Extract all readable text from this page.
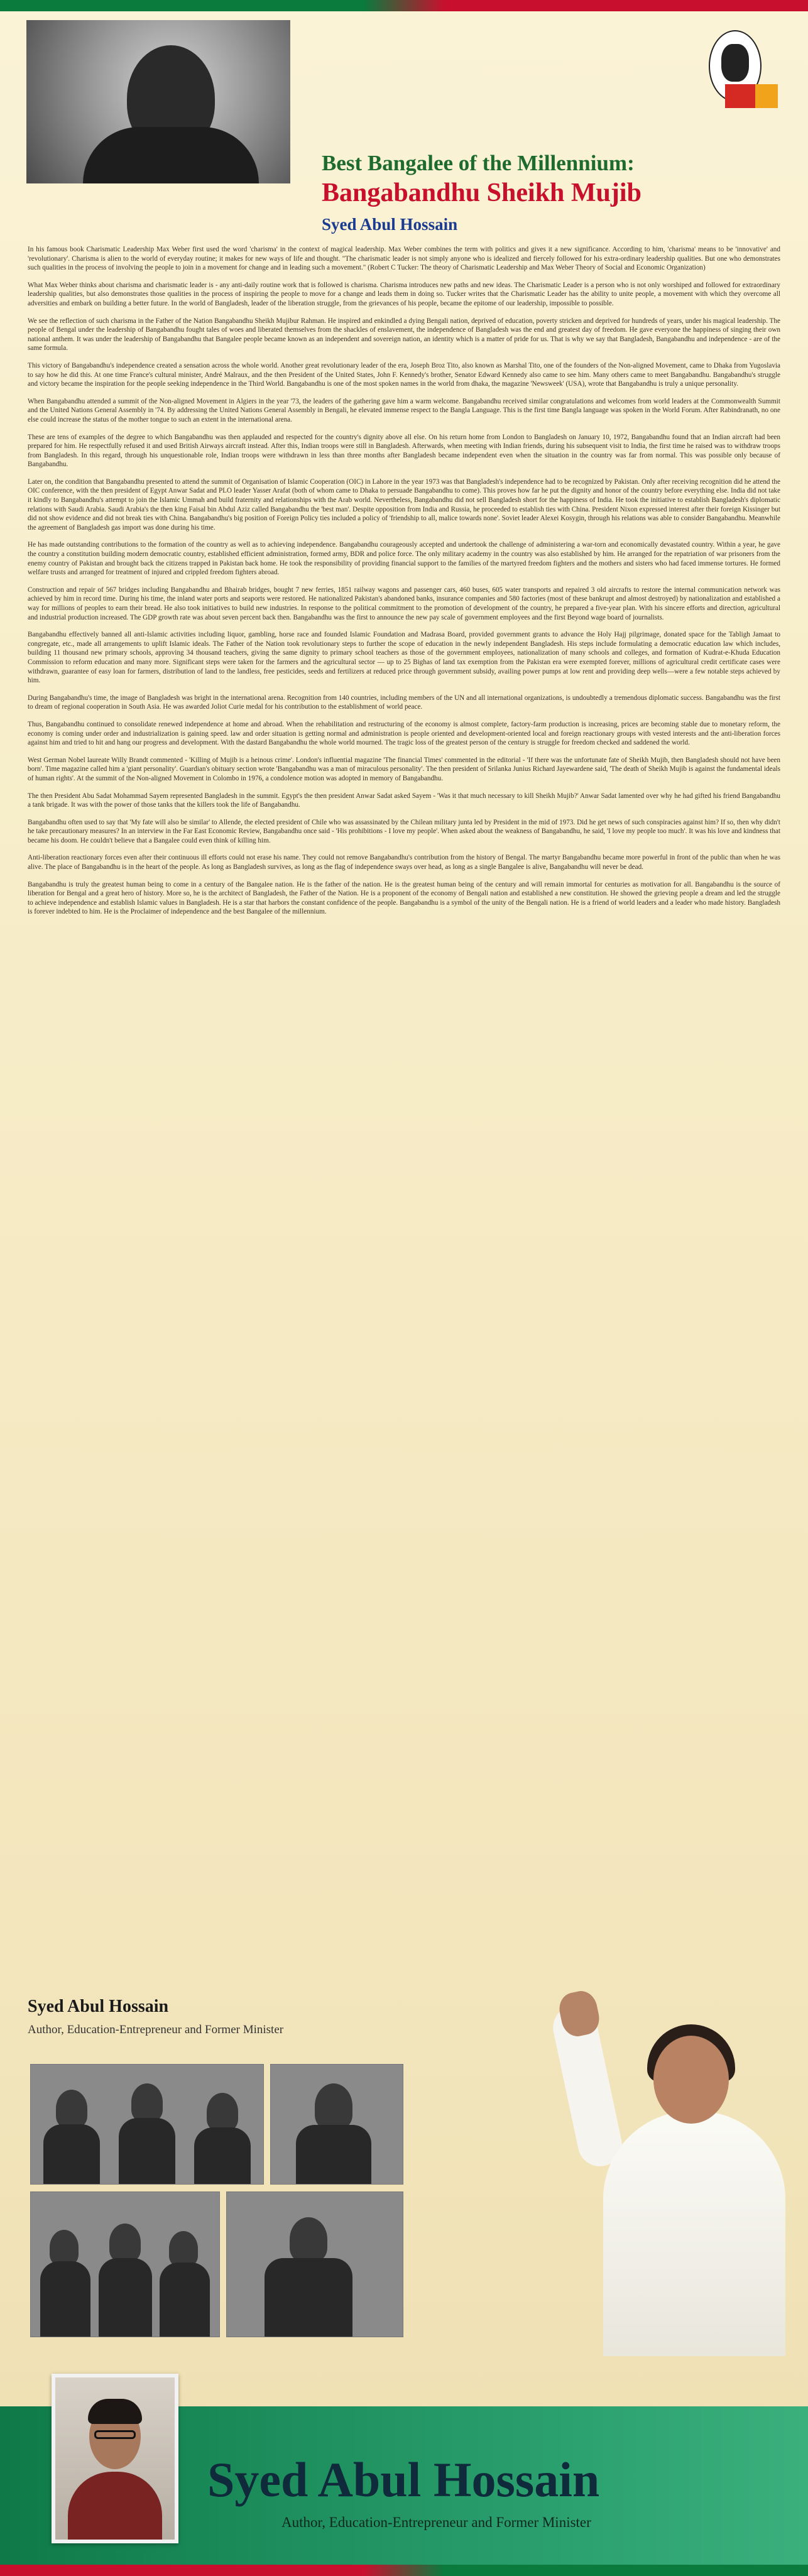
Best Bangalee of the Millennium:
Bangabandhu Sheikh Mujib
Syed Abul Hossain

In his famous book Charismatic Leadership Max Weber first used the word 'charisma' in the context of magical leadership. Max Weber combines the term with politics and gives it a new significance. According to him, 'charisma' means to be 'innovative' and 'revolutionary'. Charisma is alien to the world of everyday routine; it makes for new ways of life and thought. "The charismatic leader is not simply anyone who is idealized and fiercely followed for his extra-ordinary leadership qualities. But one who demonstrates such qualities in the process of involving the people to join in a movement for change and in leading such a movement." (Robert C Tucker: The theory of Charismatic Leadership and Max Weber Theory of Social and Economic Organization)

What Max Weber thinks about charisma and charismatic leader is - any anti-daily routine work that is followed is charisma. Charisma introduces new paths and new ideas. The Charismatic Leader is a person who is not only worshiped and followed for extraordinary leadership qualities, but also demonstrates those qualities in the process of inspiring the people to move for a change and leads them in doing so. Tucker writes that the Charismatic Leader has the ability to unite people, a movement with which they overcome all adversities and embark on building a better future. In the world of Bangladesh, leader of the liberation struggle, from the grievances of his people, became the epitome of our leadership, impossible to possible.

We see the reflection of such charisma in the Father of the Nation Bangabandhu Sheikh Mujibur Rahman. He inspired and enkindled a dying Bengali nation, deprived of education, poverty stricken and deprived for hundreds of years, under his magical leadership. The people of Bengal under the leadership of Bangabandhu fought tales of woes and liberated themselves from the shackles of enslavement, the independence of Bangladesh was the end and greatest day of freedom. He gave everyone the happiness of singing their own national anthem. It was under the leadership of Bangabandhu that Bangalee people became known as an independent and sovereign nation, an identity which is a matter of pride for us. That is why we say that Bangladesh, Bangabandhu and independence - are of the same formula.

This victory of Bangabandhu's independence created a sensation across the whole world. Another great revolutionary leader of the era, Joseph Broz Tito, also known as Marshal Tito, one of the founders of the Non-aligned Movement, came to Dhaka from Yugoslavia to say how he did this. At one time France's cultural minister, André Malraux, and the then President of the United States, John F. Kennedy's brother, Senator Edward Kennedy also came to see him. Many others came to meet Bangabandhu. Bangabandhu's struggle and victory became the inspiration for the people seeking independence in the Third World. Bangabandhu is one of the most spoken names in the world from dhaka, the magazine 'Newsweek' (USA), wrote that Bangabandhu is truly a unique personality.

When Bangabandhu attended a summit of the Non-aligned Movement in Algiers in the year '73, the leaders of the gathering gave him a warm welcome. Bangabandhu received similar congratulations and welcomes from world leaders at the Commonwealth Summit and the United Nations General Assembly in '74. By addressing the United Nations General Assembly in Bengali, he elevated immense respect to the Bangla Language. This is the first time Bangla language was spoken in the World Forum. After Rabindranath, no one else could increase the status of the mother tongue to such an extent in the international arena.

These are tens of examples of the degree to which Bangabandhu was then applauded and respected for the country's dignity above all else. On his return home from London to Bangladesh on January 10, 1972, Bangabandhu found that an Indian aircraft had been prepared for him. He respectfully refused it and used British Airways aircraft instead. After this, Indian troops were still in Bangladesh. Afterwards, when meeting with Indian friends, during his subsequent visit to India, the first time he raised was to withdraw troops from Bangladesh. In this regard, through his unquestionable role, Indian troops were withdrawn in less than three months after Bangladesh became independent even when the situation in the country was far from normal. This was possible only because of Bangabandhu.

Later on, the condition that Bangabandhu presented to attend the summit of Organisation of Islamic Cooperation (OIC) in Lahore in the year 1973 was that Bangladesh's independence had to be recognized by Pakistan. Only after receiving recognition did he attend the OIC conference, with the then president of Egypt Anwar Sadat and PLO leader Yasser Arafat (both of whom came to Dhaka to persuade Bangabandhu to come). This proves how far he put the dignity and honor of the country before everything else. India did not take it kindly to Bangabandhu's attempt to join the Islamic Ummah and build fraternity and relationships with the Arab world. Nevertheless, Bangabandhu did not sell Bangladesh short for the happiness of India. He took the initiative to establish Bangladesh's diplomatic relations with Saudi Arabia. Saudi Arabia's the then king Faisal bin Abdul Aziz called Bangabandhu the 'best man'. Despite opposition from India and Russia, he proceeded to establish ties with China. President Nixon expressed interest after their foreign Kissinger but did not show evidence and did not break ties with China. Bangabandhu's big position of Foreign Policy ties included a policy of 'friendship to all, malice towards none'. Soviet leader Alexei Kosygin, through his relations was able to consider Bangabandhu. Meanwhile the agreement of Bangladesh gas import was done during his time.

He has made outstanding contributions to the formation of the country as well as to achieving independence. Bangabandhu courageously accepted and undertook the challenge of administering a war-torn and economically devastated country. Within a year, he gave the country a constitution building modern democratic country, established efficient administration, formed army, BDR and police force. The only military academy in the country was also established by him. He arranged for the repatriation of war prisoners from the enemy country of Pakistan and brought back the citizens trapped in Pakistan back home. He took the responsibility of providing financial support to the families of the martyred freedom fighters and the mothers and sisters who had faced immense tortures. He formed welfare trusts and arranged for treatment of injured and crippled freedom fighters abroad.

Construction and repair of 567 bridges including Bangabandhu and Bhairab bridges, bought 7 new ferries, 1851 railway wagons and passenger cars, 460 buses, 605 water transports and repaired 3 old aircrafts to restore the internal communication network was achieved by him in record time. During his time, the inland water ports and seaports were restored. He nationalized Pakistan's abandoned banks, insurance companies and 580 factories (most of these bankrupt and almost destroyed) by nationalization and established a way for millions of peoples to earn their bread. He also took initiatives to build new industries. In response to the political commitment to the promotion of development of the country, he prepared a five-year plan. With his sincere efforts and direction, agricultural and industrial production increased. The GDP growth rate was about seven percent back then. Bangabandhu was the first to announce the new pay scale of government employees and the first Beyond wage board of journalists.

Bangabandhu effectively banned all anti-Islamic activities including liquor, gambling, horse race and founded Islamic Foundation and Madrasa Board, provided government grants to advance the Holy Hajj pilgrimage, donated space for the Tabligh Jamaat to congregate, etc., made all arrangements to uplift Islamic ideals. The Father of the Nation took revolutionary steps to further the scope of education in the newly independent Bangladesh. His steps include formulating a democratic education law which includes, building 11 thousand new primary schools, approving 34 thousand teachers, giving the same dignity to primary school teachers as those of the government employees, nationalization of many schools and colleges, and formation of Kudrat-e-Khuda Education Commission to reform education and many more. Significant steps were taken for the farmers and the agricultural sector — up to 25 Bighas of land tax exemption from the Pakistan era were exempted forever, millions of agricultural credit certificate cases were withdrawn, guarantee of easy loan for farmers, distribution of land to the landless, free pesticides, seeds and fertilizers at reduced price through government subsidy, availing power pumps at low rent and providing deep wells—were a few notable steps achieved by him.

During Bangabandhu's time, the image of Bangladesh was bright in the international arena. Recognition from 140 countries, including members of the UN and all international organizations, is undoubtedly a tremendous diplomatic success. Bangabandhu was the first to dream of regional cooperation in South Asia. He was awarded Joliot Curie medal for his contribution to the establishment of world peace.

Thus, Bangabandhu continued to consolidate renewed independence at home and abroad. When the rehabilitation and restructuring of the economy is almost complete, factory-farm production is increasing, prices are becoming stable due to monetary reform, the economy is coming under order and industrialization is gaining speed. law and order situation is getting normal and administration is people oriented and development-oriented local and foreign reactionary groups with vested interests and the anti-liberation forces against him and tried to hit and hang our progress and development. With the dastard Bangabandhu the whole world mourned. The tragic loss of the greatest person of the century is struggle for freedom checked and saddened the world.

West German Nobel laureate Willy Brandt commented - 'Killing of Mujib is a heinous crime'. London's influential magazine 'The financial Times' commented in the editorial - 'If there was the unfortunate fate of Sheikh Mujib, then Bangladesh should not have been born'. Time magazine called him a 'giant personality'. Guardian's obituary section wrote 'Bangabandhu was a man of miraculous personality'. The then president of Srilanka Junius Richard Jayewardene said, 'The death of Sheikh Mujib is against the fundamental ideals of human rights'. At the summit of the Non-aligned Movement in Colombo in 1976, a condolence motion was adopted in memory of Bangabandhu.

The then President Abu Sadat Mohammad Sayem represented Bangladesh in the summit. Egypt's the then president Anwar Sadat asked Sayem - 'Was it that much necessary to kill Sheikh Mujib?' Anwar Sadat lamented over why he had gifted his friend Bangabandhu a tank brigade. It was with the power of those tanks that the killers took the life of Bangabandhu.

Bangabandhu often used to say that 'My fate will also be similar' to Allende, the elected president of Chile who was assassinated by the Chilean military junta led by President in the mid of 1973. Did he get news of such conspiracies against him? If so, then why didn't he take precautionary measures? In an interview in the Far East Economic Review, Bangabandhu once said - 'His prohibitions - I love my people'. When asked about the weakness of Bangabandhu, he said, 'I love my people too much'. It was his love and kindness that became his doom. He couldn't believe that a Bangalee could even think of killing him.

Anti-liberation reactionary forces even after their continuous ill efforts could not erase his name. They could not remove Bangabandhu's contribution from the history of Bengal. The martyr Bangabandhu became more powerful in front of the public than when he was alive. The place of Bangabandhu is in the heart of the people. As long as Bangladesh survives, as long as the flag of independence sways over head, as long as a single Bangalee is alive, Bangabandhu will never be dead.

Bangabandhu is truly the greatest human being to come in a century of the Bangalee nation. He is the father of the nation. He is the greatest human being of the century and will remain immortal for centuries as motivation for all. Bangabandhu is the source of liberation for Bengal and a great hero of history. More so, he is the architect of Bangladesh, the Father of the Nation. He is a proponent of the economy of Bengali nation and established a new constitution. He showed the grieving people a dream and led the struggle to achieve independence and establish Islamic values in Bangladesh. He is a star that harbors the constant confidence of the people. Bangabandhu is a symbol of the unity of the Bengali nation. He is a friend of world leaders and a leader who made history. Bangladesh is forever indebted to him. He is the Proclaimer of independence and the best Bangalee of the millennium.

Syed Abul Hossain
Author, Education-Entrepreneur and Former Minister
Syed Abul Hossain
Author, Education-Entrepreneur and Former Minister
